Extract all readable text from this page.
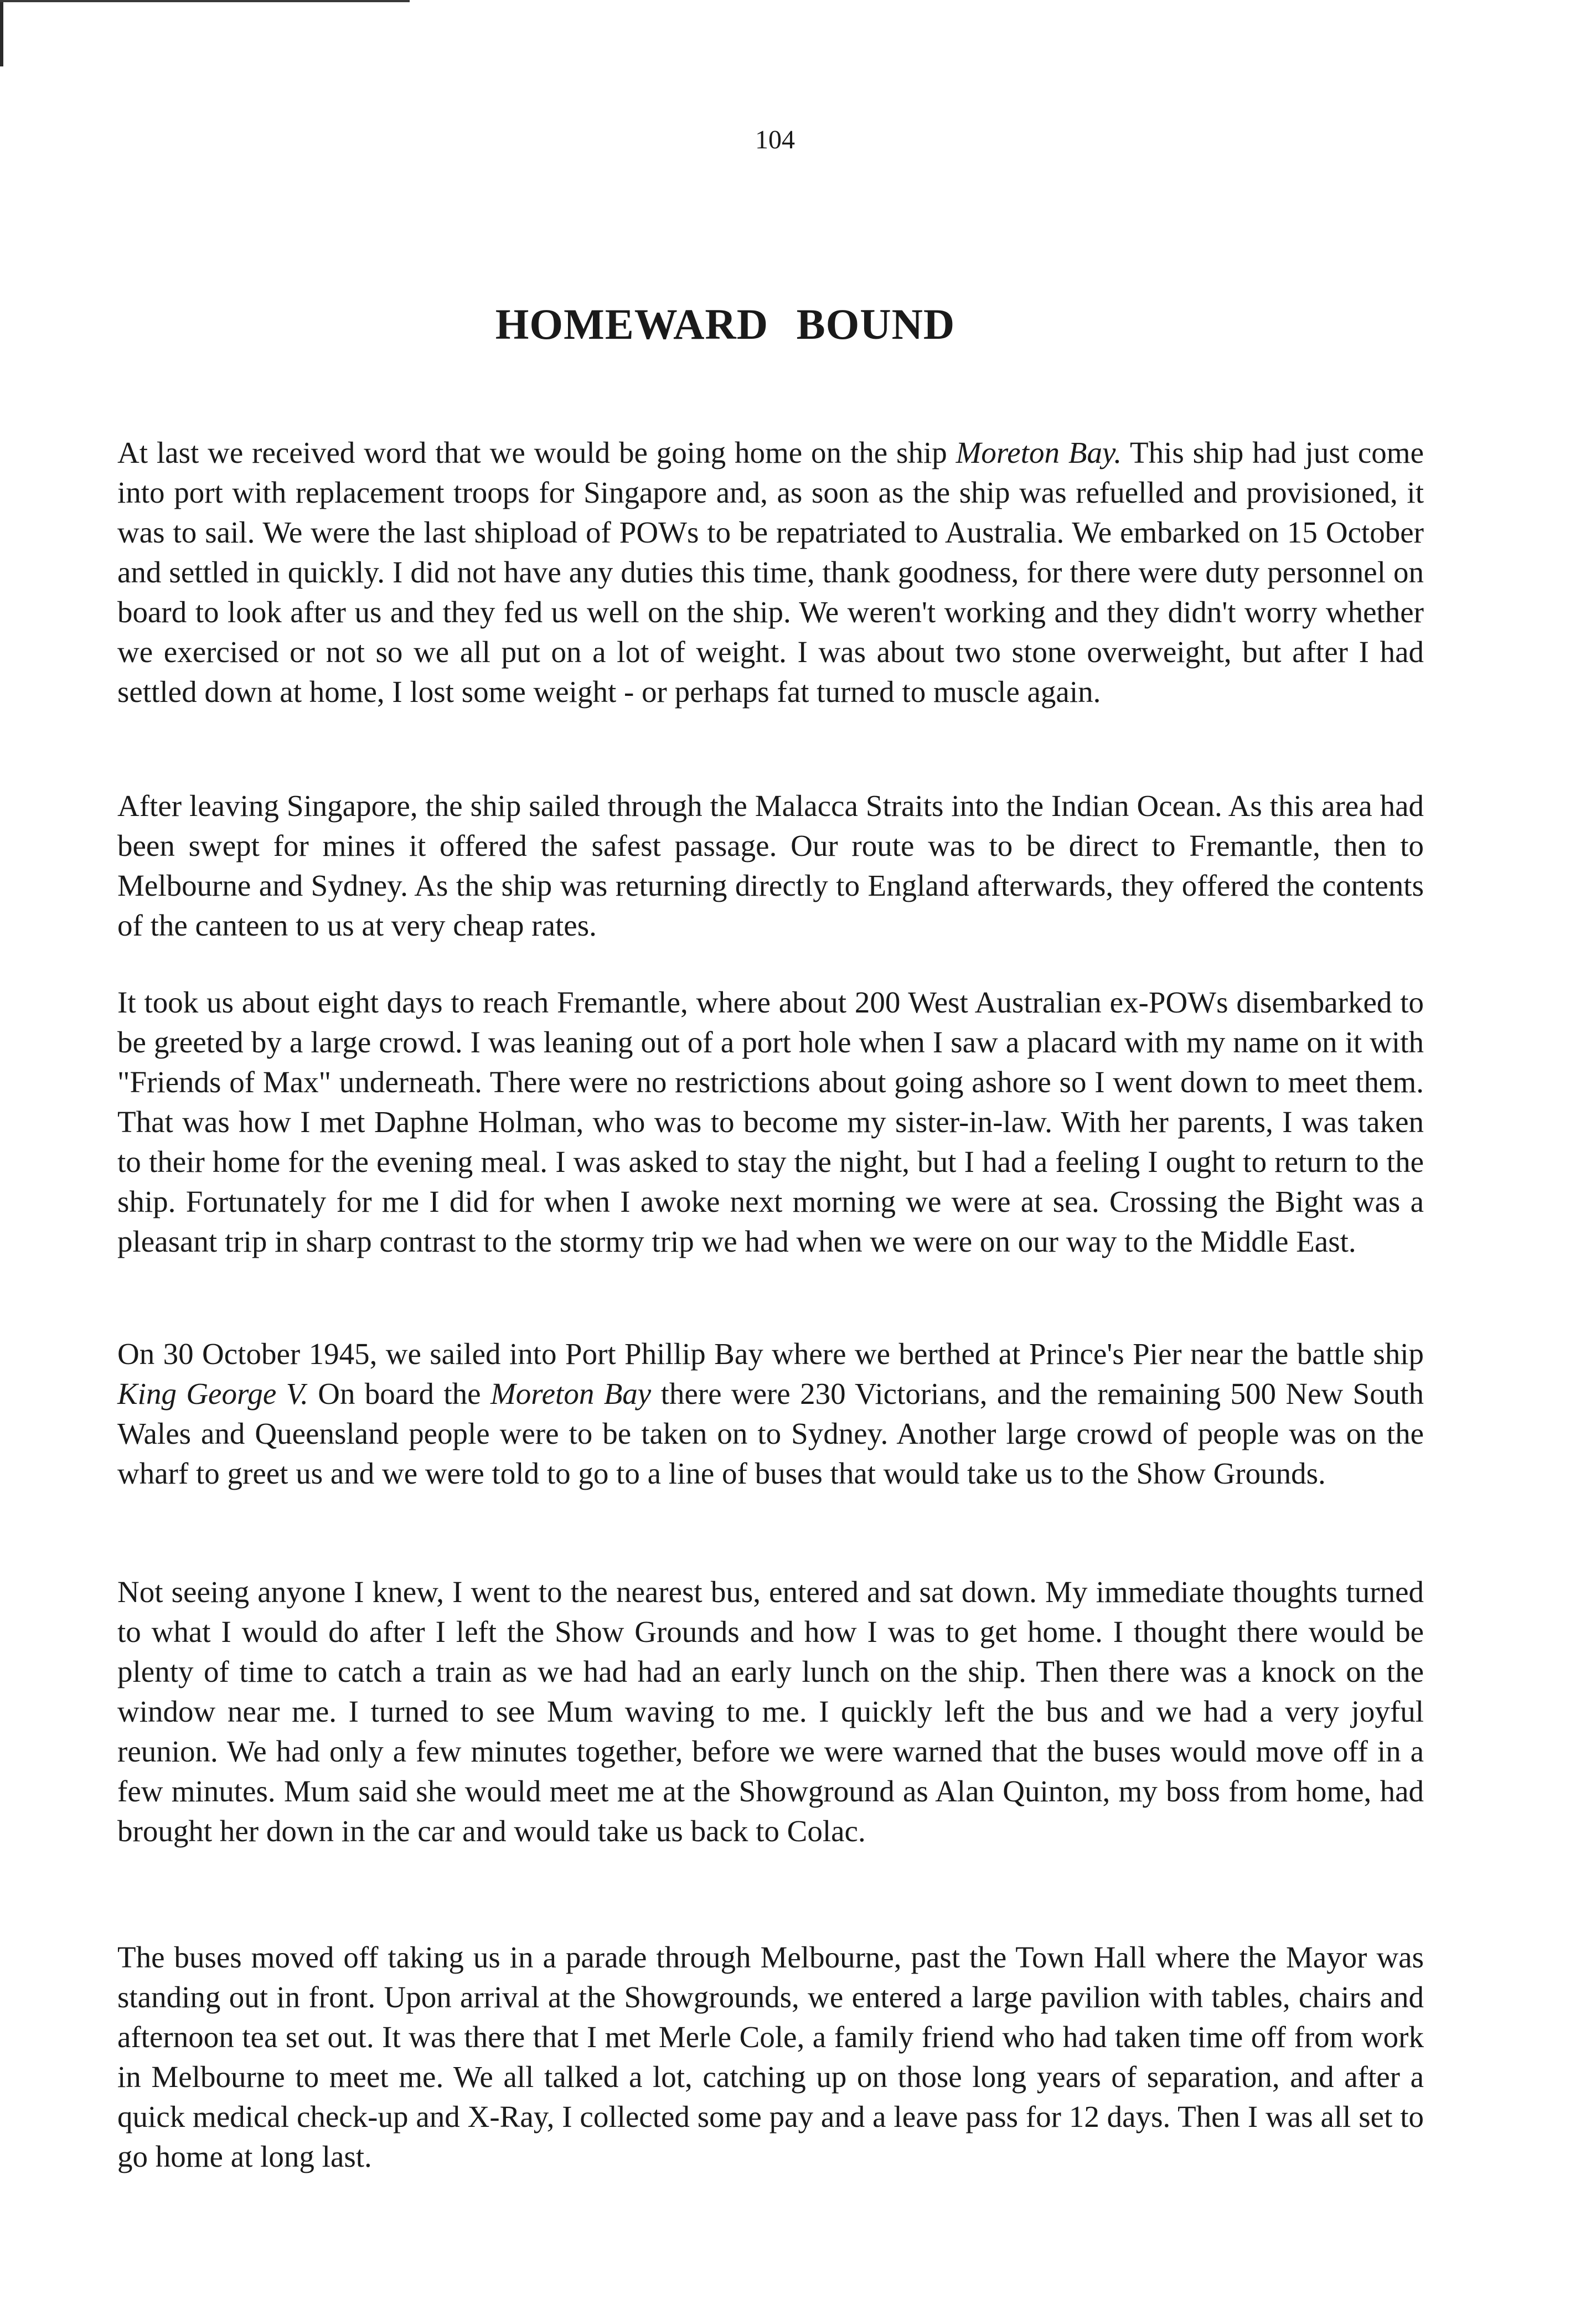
104
HOMEWARD BOUND

At last we received word that we would be going home on the ship Moreton Bay. This ship had just come into port with replacement troops for Singapore and, as soon as the ship was refuelled and provisioned, it was to sail. We were the last shipload of POWs to be repatriated to Australia. We embarked on 15 October and settled in quickly. I did not have any duties this time, thank goodness, for there were duty personnel on board to look after us and they fed us well on the ship. We weren't working and they didn't worry whether we exercised or not so we all put on a lot of weight. I was about two stone overweight, but after I had settled down at home, I lost some weight - or perhaps fat turned to muscle again.

After leaving Singapore, the ship sailed through the Malacca Straits into the Indian Ocean. As this area had been swept for mines it offered the safest passage. Our route was to be direct to Fremantle, then to Melbourne and Sydney. As the ship was returning directly to England afterwards, they offered the contents of the canteen to us at very cheap rates.

It took us about eight days to reach Fremantle, where about 200 West Australian ex-POWs disembarked to be greeted by a large crowd. I was leaning out of a port hole when I saw a placard with my name on it with "Friends of Max" underneath. There were no restrictions about going ashore so I went down to meet them. That was how I met Daphne Holman, who was to become my sister-in-law. With her parents, I was taken to their home for the evening meal. I was asked to stay the night, but I had a feeling I ought to return to the ship. Fortunately for me I did for when I awoke next morning we were at sea. Crossing the Bight was a pleasant trip in sharp contrast to the stormy trip we had when we were on our way to the Middle East.

On 30 October 1945, we sailed into Port Phillip Bay where we berthed at Prince's Pier near the battle ship King George V. On board the Moreton Bay there were 230 Victorians, and the remaining 500 New South Wales and Queensland people were to be taken on to Sydney. Another large crowd of people was on the wharf to greet us and we were told to go to a line of buses that would take us to the Show Grounds.

Not seeing anyone I knew, I went to the nearest bus, entered and sat down. My immediate thoughts turned to what I would do after I left the Show Grounds and how I was to get home. I thought there would be plenty of time to catch a train as we had had an early lunch on the ship. Then there was a knock on the window near me. I turned to see Mum waving to me. I quickly left the bus and we had a very joyful reunion. We had only a few minutes together, before we were warned that the buses would move off in a few minutes. Mum said she would meet me at the Showground as Alan Quinton, my boss from home, had brought her down in the car and would take us back to Colac.

The buses moved off taking us in a parade through Melbourne, past the Town Hall where the Mayor was standing out in front. Upon arrival at the Showgrounds, we entered a large pavilion with tables, chairs and afternoon tea set out. It was there that I met Merle Cole, a family friend who had taken time off from work in Melbourne to meet me. We all talked a lot, catching up on those long years of separation, and after a quick medical check-up and X-Ray, I collected some pay and a leave pass for 12 days. Then I was all set to go home at long last.
